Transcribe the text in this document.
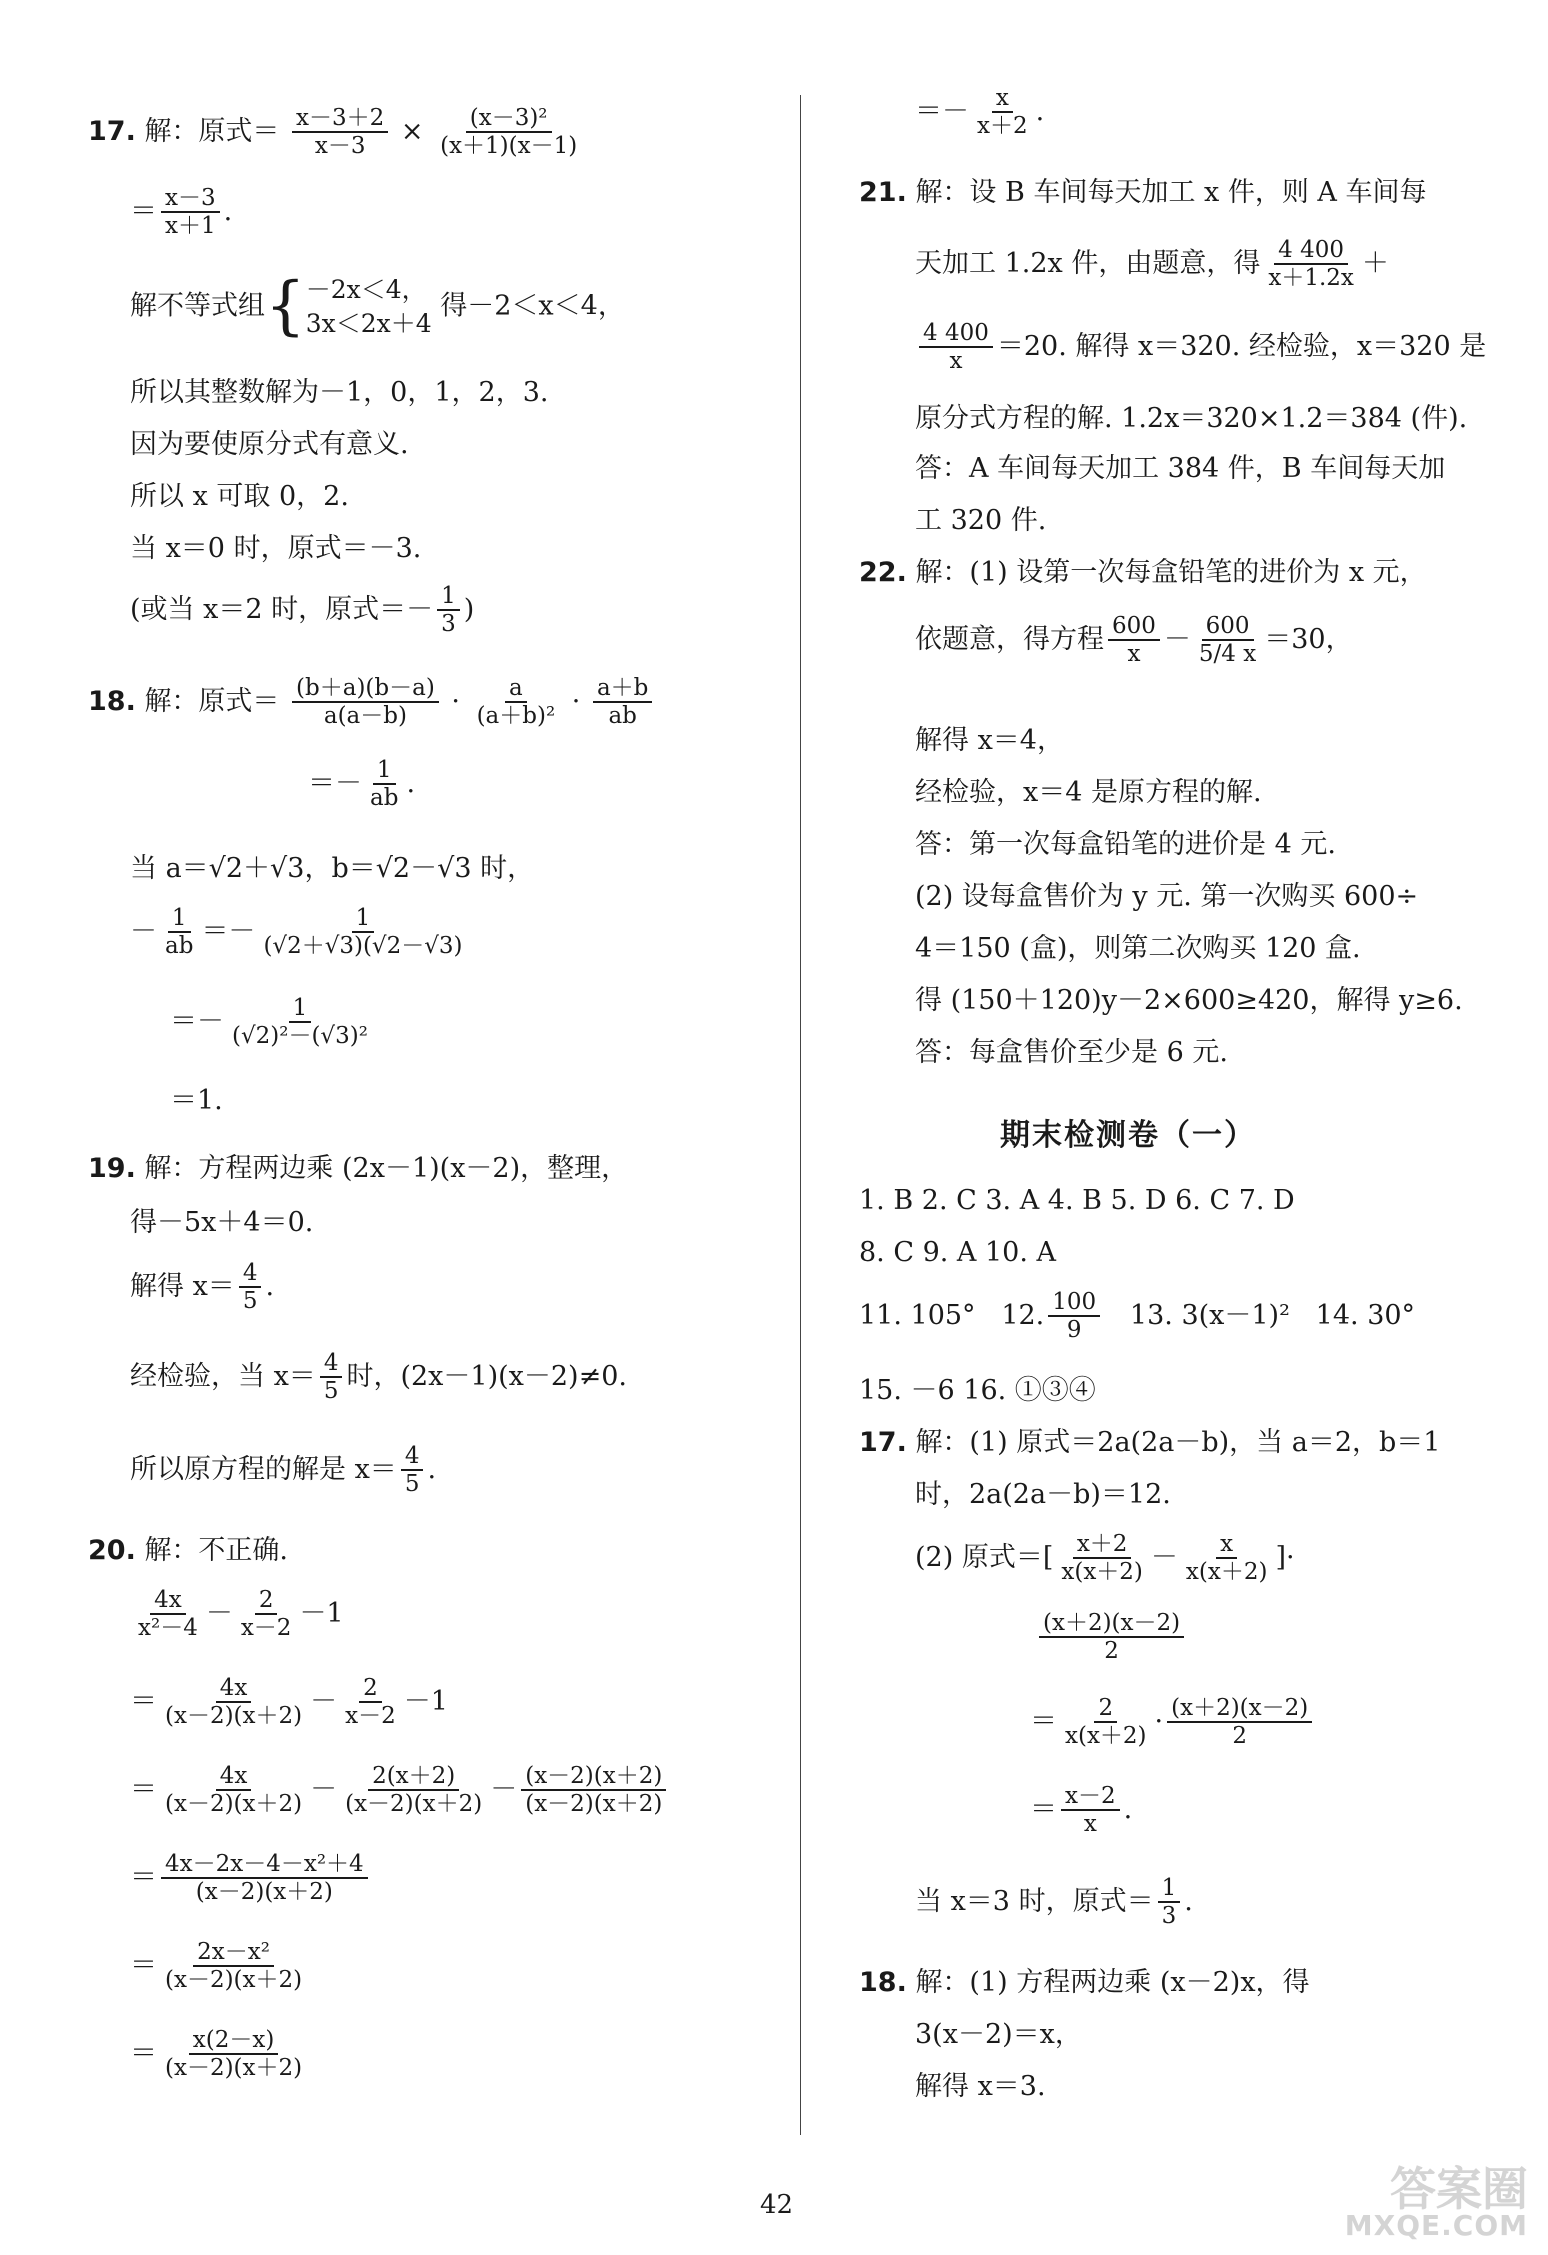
17. 解：原式＝ $\frac{x-3+2}{x-3} \times \frac{\text{(x－3)²}}{(x+1)(x-1)}$
＝ $\frac{x-3}{x+1}$ .
解不等式组{ －2x＜4，
3x＜2x＋4
得－2＜x＜4，
所以其整数解为－1，0，1，2，3.
因为要使原分式有意义.
所以 x 可取 0，2.
当 x＝0 时，原式＝－3.
(或当 x＝2 时，原式＝－ $\frac{1}{3}$ )
18. 解：原式＝ $\frac{(b+a)(b-a)}{a(a-b)} \cdot \frac{a}{\text{(a＋b)²}} \cdot \frac{a+b}{ab}$
＝－ $\frac{1}{ab}$ .
当 a＝√2＋√3，b＝√2－√3 时，
－ $\frac{1}{ab} =- \frac{1}{(√2+√3)(√2-√3)}$
＝－ $\frac{1}{\text{(√2)²－(√3)²}}$
＝1.
19. 解：方程两边乘 (2x－1)(x－2)，整理，
得－5x＋4＝0.
解得 $x= \frac{4}{5}$ .
经检验，当 $x= \frac{4}{5}$ 时，(2x－1)(x－2)≠0.
所以原方程的解是 $x= \frac{4}{5}$ .
20. 解：不正确.
$\frac{4x}{\text{x²－4}} - \frac{2}{x-2} -1$
＝ $\frac{4x}{(x-2)(x+2)} - \frac{2}{x-2} -1$
＝ $\frac{4x}{(x-2)(x+2)} - \frac{2(x+2)}{(x-2)(x+2)} - \frac{(x-2)(x+2)}{(x-2)(x+2)}$
＝ $\frac{\text{4x－2x－4－x²＋4}}{(x-2)(x+2)}$
＝ $\frac{\text{2x－x²}}{(x-2)(x+2)}$
＝ $\frac{x(2-x)}{(x-2)(x+2)}$
＝－ $\frac{x}{x+2}$ .
21. 解：设 B 车间每天加工 x 件，则 A 车间每
天加工 1.2x 件，由题意，得 $\frac{4 400}{x+1.2x}$ ＋
$\frac{4 400}{x} =20$. 解得 x＝320. 经检验，x＝320 是
原分式方程的解. 1.2x＝320×1.2＝384 (件).
答：A 车间每天加工 384 件，B 车间每天加
工 320 件.
22. 解：(1) 设第一次每盒铅笔的进价为 x 元，
依题意，得方程 $\frac{600}{x} - \frac{600}{5/4 x} =30$，
解得 x＝4，
经检验，x＝4 是原方程的解.
答：第一次每盒铅笔的进价是 4 元.
(2) 设每盒售价为 y 元. 第一次购买 600÷
4＝150 (盒)，则第二次购买 120 盒.
得 (150＋120)y－2×600≥420，解得 y≥6.
答：每盒售价至少是 6 元.
期末检测卷（一）
1. B 2. C 3. A 4. B 5. D 6. C 7. D
8. C 9. A 10. A
11. 105° 12. $\frac{100}{9} 13$. 3(x－1)² 14. 30°
15. －6 16. ①③④
17. 解：(1) 原式＝2a(2a－b)，当 a＝2，b＝1
时，2a(2a－b)＝12.
(2) 原式＝[ $\frac{x+2}{x(x+2)} - \frac{x}{x(x+2)}$ ]·
$\frac{(x+2)(x-2)}{2}$
＝ $\frac{2}{x(x+2)} \cdot \frac{(x+2)(x-2)}{2}$
＝ $\frac{x-2}{x}$ .
当 x＝3 时，原式＝ $\frac{1}{3}$ .
18. 解：(1) 方程两边乘 (x－2)x，得
3(x－2)＝x，
解得 x＝3.
42	答案圈
MXQE.COM
